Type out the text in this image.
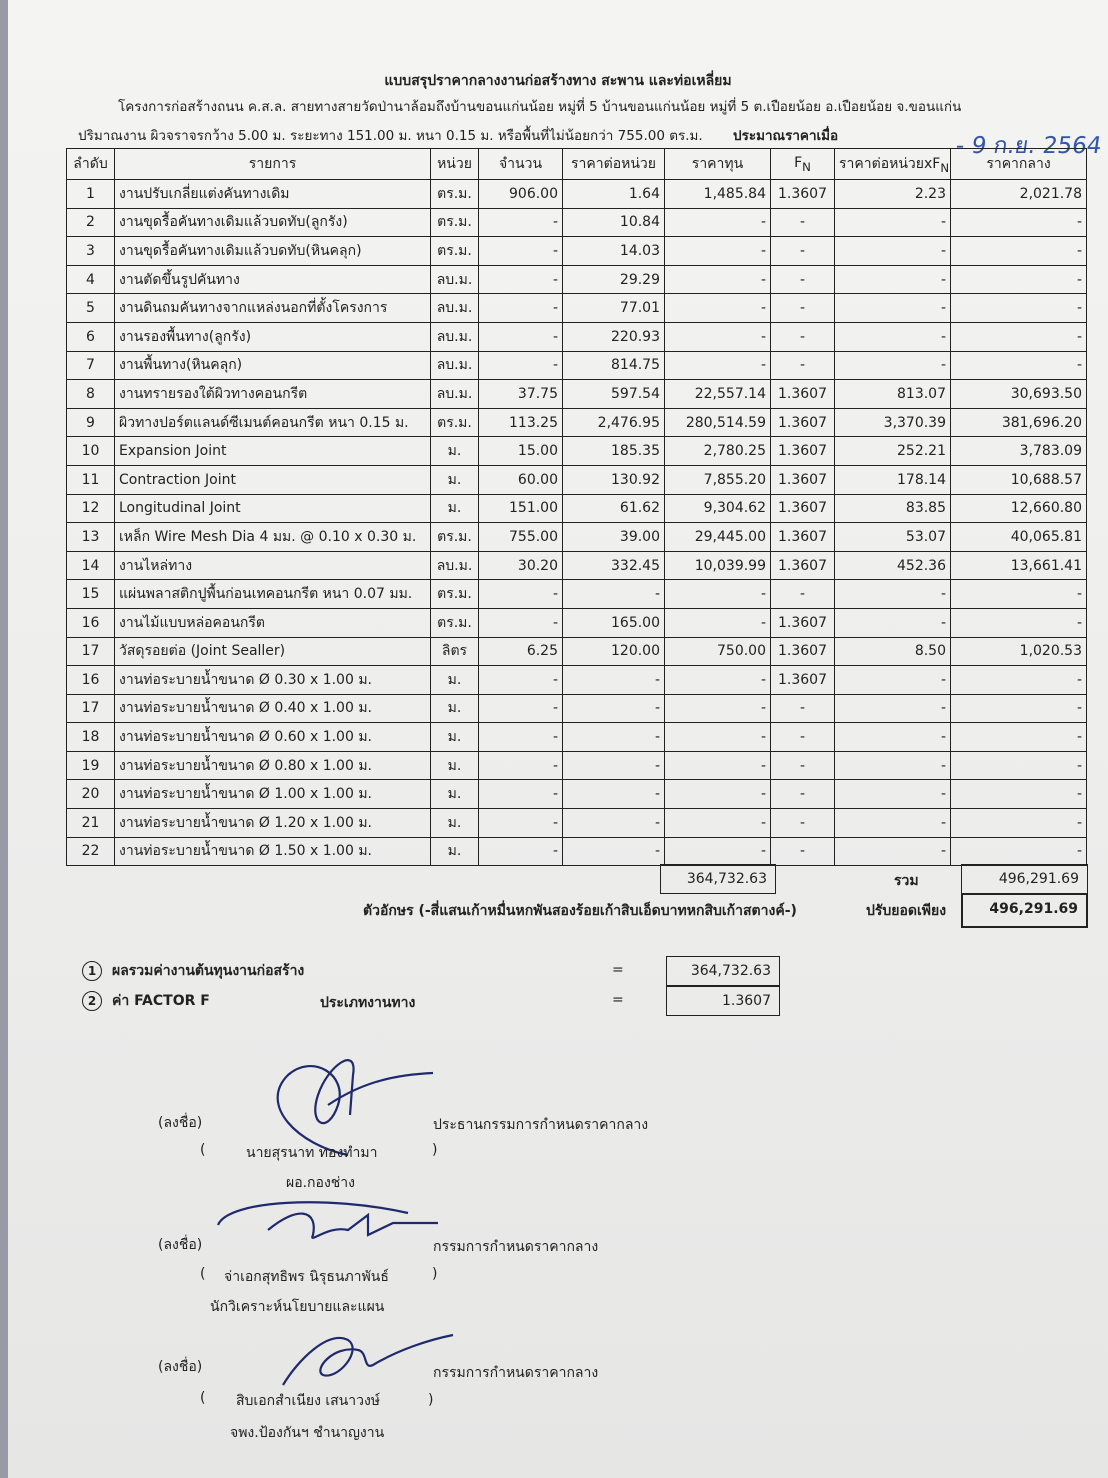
แบบสรุปราคากลางงานก่อสร้างทาง สะพาน และท่อเหลี่ยม
โครงการก่อสร้างถนน ค.ส.ล. สายทางสายวัดป่านาล้อมถึงบ้านขอนแก่นน้อย หมู่ที่ 5 บ้านขอนแก่นน้อย หมู่ที่ 5 ต.เปือยน้อย อ.เปือยน้อย จ.ขอนแก่น
ปริมาณงาน ผิวจราจรกว้าง 5.00 ม. ระยะทาง 151.00 ม. หนา 0.15 ม. หรือพื้นที่ไม่น้อยกว่า 755.00 ตร.ม. ประมาณราคาเมื่อ	- 9 ก.ย. 2564
ลำดับ	รายการ	หน่วย	จำนวน	ราคาต่อหน่วย	ราคาทุน	$F_N$	ราคาต่อหน่วย$xF_N$	ราคากลาง
1	งานปรับเกลี่ยแต่งคันทางเดิม	ตร.ม.	906.00	1.64	1,485.84	1.3607	2.23	2,021.78
2	งานขุดรื้อคันทางเดิมแล้วบดทับ(ลูกรัง)	ตร.ม.	-	10.84	-	-	-	-
3	งานขุดรื้อคันทางเดิมแล้วบดทับ(หินคลุก)	ตร.ม.	-	14.03	-	-	-	-
4	งานตัดขึ้นรูปคันทาง	ลบ.ม.	-	29.29	-	-	-	-
5	งานดินถมคันทางจากแหล่งนอกที่ตั้งโครงการ	ลบ.ม.	-	77.01	-	-	-	-
6	งานรองพื้นทาง(ลูกรัง)	ลบ.ม.	-	220.93	-	-	-	-
7	งานพื้นทาง(หินคลุก)	ลบ.ม.	-	814.75	-	-	-	-
8	งานทรายรองใต้ผิวทางคอนกรีต	ลบ.ม.	37.75	597.54	22,557.14	1.3607	813.07	30,693.50
9	ผิวทางปอร์ตแลนด์ซีเมนต์คอนกรีต หนา 0.15 ม.	ตร.ม.	113.25	2,476.95	280,514.59	1.3607	3,370.39	381,696.20
10	Expansion Joint	ม.	15.00	185.35	2,780.25	1.3607	252.21	3,783.09
11	Contraction Joint	ม.	60.00	130.92	7,855.20	1.3607	178.14	10,688.57
12	Longitudinal Joint	ม.	151.00	61.62	9,304.62	1.3607	83.85	12,660.80
13	เหล็ก Wire Mesh Dia 4 มม. @ 0.10 x 0.30 ม.	ตร.ม.	755.00	39.00	29,445.00	1.3607	53.07	40,065.81
14	งานไหล่ทาง	ลบ.ม.	30.20	332.45	10,039.99	1.3607	452.36	13,661.41
15	แผ่นพลาสติกปูพื้นก่อนเทคอนกรีต หนา 0.07 มม.	ตร.ม.	-	-	-	-	-	-
16	งานไม้แบบหล่อคอนกรีต	ตร.ม.	-	165.00	-	1.3607	-	-
17	วัสดุรอยต่อ (Joint Sealler)	ลิตร	6.25	120.00	750.00	1.3607	8.50	1,020.53
16	งานท่อระบายน้ำขนาด Ø 0.30 x 1.00 ม.	ม.	-	-	-	1.3607	-	-
17	งานท่อระบายน้ำขนาด Ø 0.40 x 1.00 ม.	ม.	-	-	-	-	-	-
18	งานท่อระบายน้ำขนาด Ø 0.60 x 1.00 ม.	ม.	-	-	-	-	-	-
19	งานท่อระบายน้ำขนาด Ø 0.80 x 1.00 ม.	ม.	-	-	-	-	-	-
20	งานท่อระบายน้ำขนาด Ø 1.00 x 1.00 ม.	ม.	-	-	-	-	-	-
21	งานท่อระบายน้ำขนาด Ø 1.20 x 1.00 ม.	ม.	-	-	-	-	-	-
22	งานท่อระบายน้ำขนาด Ø 1.50 x 1.00 ม.	ม.	-	-	-	-	-	-
364,732.63	รวม	496,291.69
ตัวอักษร (-สี่แสนเก้าหมื่นหกพันสองร้อยเก้าสิบเอ็ดบาทหกสิบเก้าสตางค์-)	ปรับยอดเพียง	496,291.69
1 ผลรวมค่างานต้นทุนงานก่อสร้าง	=	364,732.63
2 ค่า FACTOR F	ประเภทงานทาง	=	1.3607
(ลงชื่อ)	ประธานกรรมการกำหนดราคากลาง
(	นายสุรนาท ทองทำมา	)
ผอ.กองช่าง
(ลงชื่อ)	กรรมการกำหนดราคากลาง
( จ่าเอกสุทธิพร นิรุธนภาพันธ์	)
นักวิเคราะห์นโยบายและแผน
(ลงชื่อ)	กรรมการกำหนดราคากลาง
( สิบเอกสำเนียง เสนาวงษ์	)
จพง.ป้องกันฯ ชำนาญงาน
